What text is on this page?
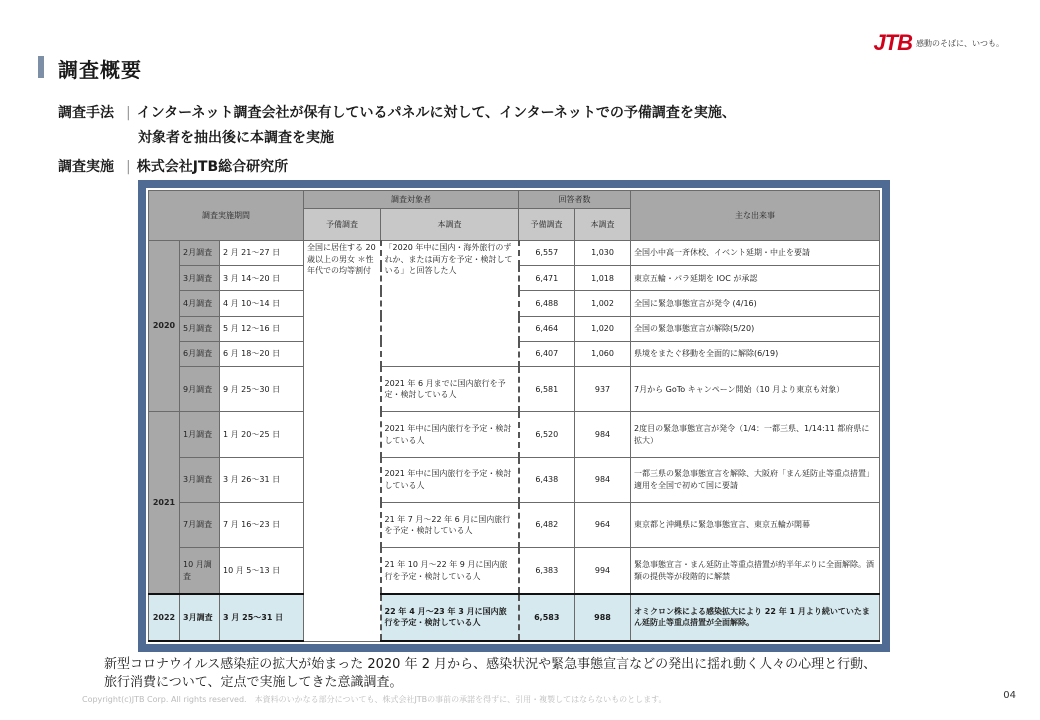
調査概要
JTB 感動のそばに、いつも。
調査手法 | インターネット調査会社が保有しているパネルに対して、インターネットでの予備調査を実施、
対象者を抽出後に本調査を実施
調査実施 | 株式会社JTB総合研究所
調査実施期間			調査対象者		回答者数		主な出来事
			予備調査	本調査	予備調査	本調査	
2020	2月調査	2 月 21～27 日	全国に居住する 20 歳以上の男女 ＊性年代での均等割付	「2020 年中に国内・海外旅行のずれか、または両方を予定・検討している」と回答した人	6,557	1,030	全国小中高一斉休校、イベント延期・中止を要請
	3月調査	3 月 14～20 日			6,471	1,018	東京五輪・パラ延期を IOC が承認
	4月調査	4 月 10～14 日			6,488	1,002	全国に緊急事態宣言が発令 (4/16)
	5月調査	5 月 12～16 日			6,464	1,020	全国の緊急事態宣言が解除(5/20)
	6月調査	6 月 18～20 日			6,407	1,060	県境をまたぐ移動を全面的に解除(6/19)
	9月調査	9 月 25～30 日		2021 年 6 月までに国内旅行を予定・検討している人	6,581	937	7月から GoTo キャンペーン開始（10 月より東京も対象）
2021	1月調査	1 月 20～25 日		2021 年中に国内旅行を予定・検討している人	6,520	984	2度目の緊急事態宣言が発令（1/4：一都三県、1/14:11 都府県に拡大）
	3月調査	3 月 26～31 日		2021 年中に国内旅行を予定・検討している人	6,438	984	一都三県の緊急事態宣言を解除、大阪府「まん延防止等重点措置」適用を全国で初めて国に要請
	7月調査	7 月 16～23 日		21 年 7 月～22 年 6 月に国内旅行を予定・検討している人	6,482	964	東京都と沖縄県に緊急事態宣言、東京五輪が開幕
	10 月調査	10 月 5～13 日		21 年 10 月～22 年 9 月に国内旅行を予定・検討している人	6,383	994	緊急事態宣言・まん延防止等重点措置が約半年ぶりに全面解除。酒類の提供等が段階的に解禁
2022	3月調査	3 月 25～31 日		22 年 4 月～23 年 3 月に国内旅行を予定・検討している人	6,583	988	オミクロン株による感染拡大により 22 年 1 月より続いていたまん延防止等重点措置が全面解除。
新型コロナウイルス感染症の拡大が始まった 2020 年 2 月から、感染状況や緊急事態宣言などの発出に揺れ動く人々の心理と行動、
旅行消費について、定点で実施してきた意識調査。
Copyright(c)JTB Corp. All rights reserved.　本資料のいかなる部分についても、株式会社JTBの事前の承諾を得ずに、引用・複製してはならないものとします。	04
